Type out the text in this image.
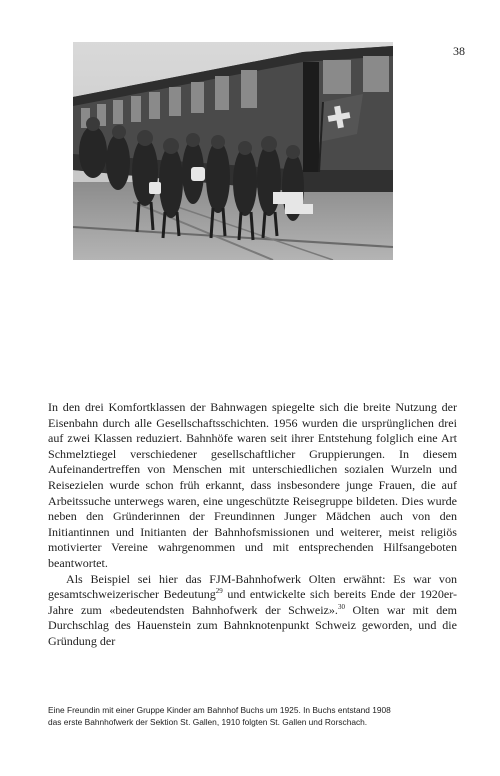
38

In den drei Komfortklassen der Bahnwagen spiegelte sich die breite Nutzung der Eisenbahn durch alle Gesellschaftsschichten. 1956 wurden die ursprünglichen drei auf zwei Klassen reduziert. Bahnhöfe waren seit ihrer Entstehung folglich eine Art Schmelztiegel verschiedener gesellschaftlicher Gruppierungen. In diesem Aufeinandertreffen von Menschen mit unterschiedlichen sozialen Wurzeln und Reisezielen wurde schon früh erkannt, dass insbesondere junge Frauen, die auf Arbeitssuche unterwegs waren, eine ungeschützte Reisegruppe bildeten. Dies wurde neben den Gründerinnen der Freundinnen Junger Mädchen auch von den Initiantinnen und Initianten der Bahnhofsmissionen und weiterer, meist religiös motivierter Vereine wahrgenommen und mit entsprechenden Hilfsangeboten beantwortet.

Als Beispiel sei hier das FJM-Bahnhofwerk Olten erwähnt: Es war von gesamtschweizerischer Bedeutung$^{29}$ und entwickelte sich bereits Ende der 1920er-Jahre zum «bedeutendsten Bahnhofwerk der Schweiz».$^{30}$ Olten war mit dem Durchschlag des Hauenstein zum Bahnknotenpunkt Schweiz geworden, und die Gründung der

Eine Freundin mit einer Gruppe Kinder am Bahnhof Buchs um 1925. In Buchs entstand 1908
das erste Bahnhofwerk der Sektion St. Gallen, 1910 folgten St. Gallen und Rorschach.
